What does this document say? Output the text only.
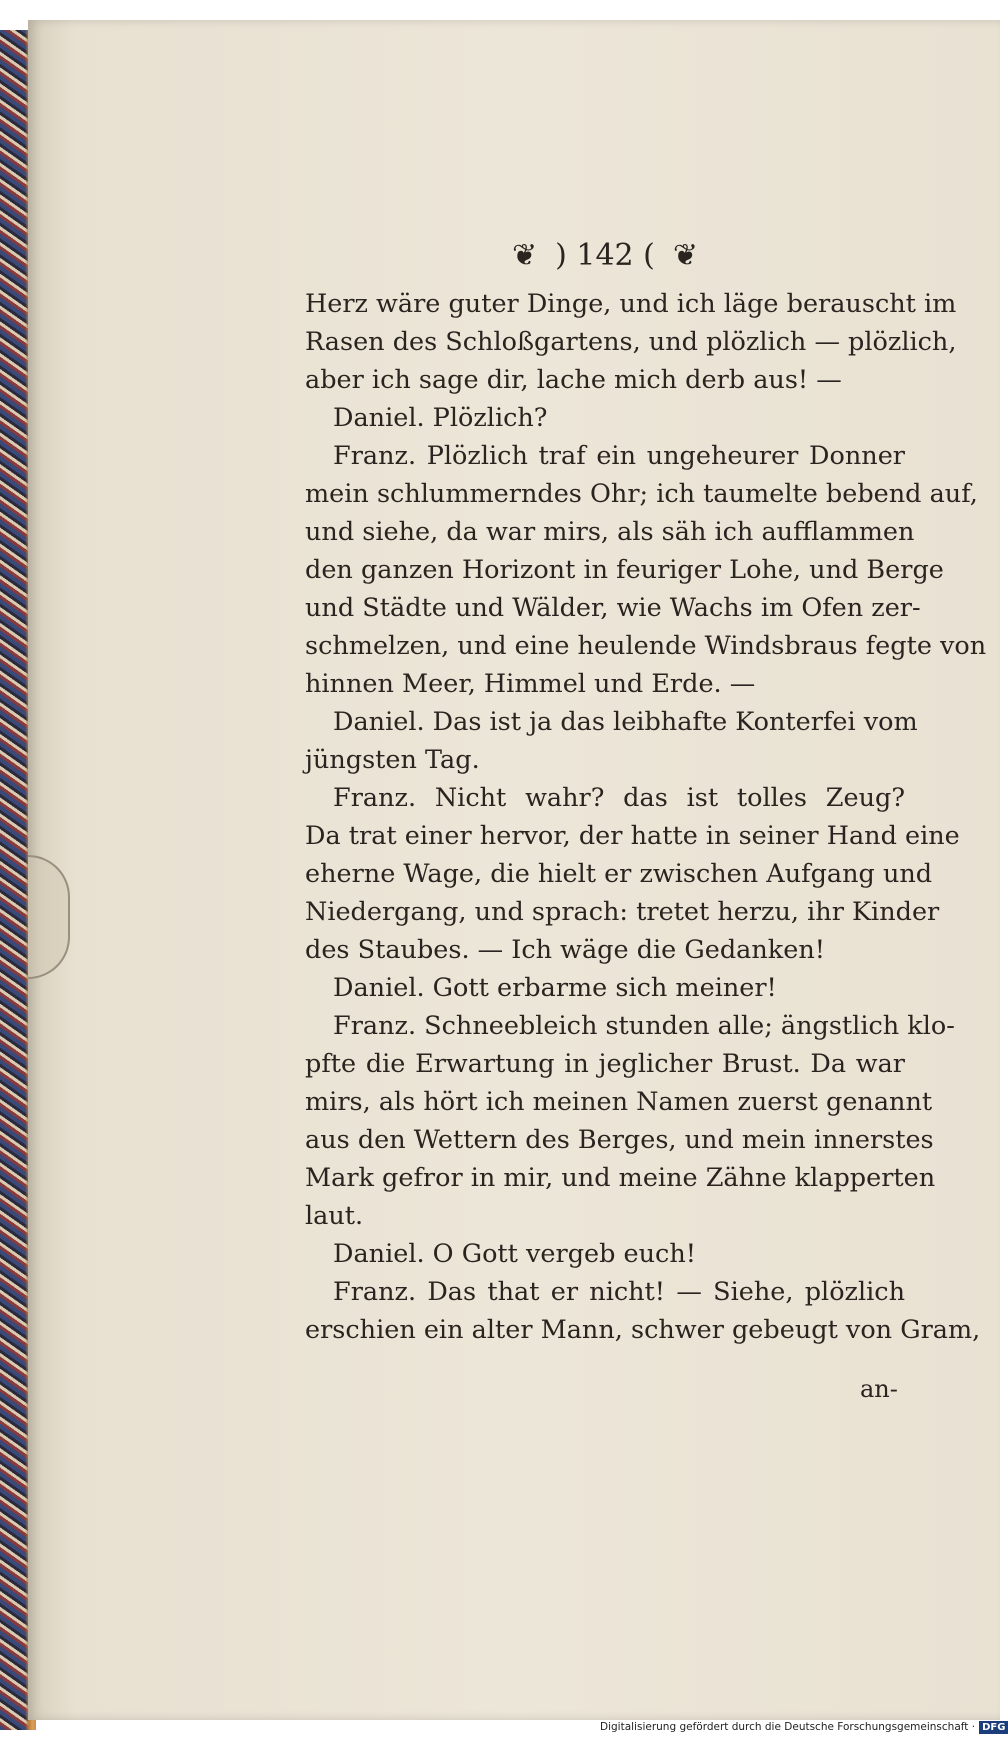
❦ ) 142 ( ❦
Herz wäre guter Dinge, und ich läge berauscht im
Rasen des Schloßgartens, und plözlich — plözlich,
aber ich sage dir, lache mich derb aus! —
Daniel. Plözlich?
Franz. Plözlich traf ein ungeheurer Donner
mein schlummerndes Ohr; ich taumelte bebend auf,
und siehe, da war mirs, als säh ich aufflammen
den ganzen Horizont in feuriger Lohe, und Berge
und Städte und Wälder, wie Wachs im Ofen zer-
schmelzen, und eine heulende Windsbraus fegte von
hinnen Meer, Himmel und Erde. —
Daniel. Das ist ja das leibhafte Konterfei vom
jüngsten Tag.
Franz. Nicht wahr? das ist tolles Zeug?
Da trat einer hervor, der hatte in seiner Hand eine
eherne Wage, die hielt er zwischen Aufgang und
Niedergang, und sprach: tretet herzu, ihr Kinder
des Staubes. — Ich wäge die Gedanken!
Daniel. Gott erbarme sich meiner!
Franz. Schneebleich stunden alle; ängstlich klo-
pfte die Erwartung in jeglicher Brust. Da war
mirs, als hört ich meinen Namen zuerst genannt
aus den Wettern des Berges, und mein innerstes
Mark gefror in mir, und meine Zähne klapperten
laut.
Daniel. O Gott vergeb euch!
Franz. Das that er nicht! — Siehe, plözlich
erschien ein alter Mann, schwer gebeugt von Gram,
an-
Digitalisierung gefördert durch die Deutsche Forschungsgemeinschaft · DFG
